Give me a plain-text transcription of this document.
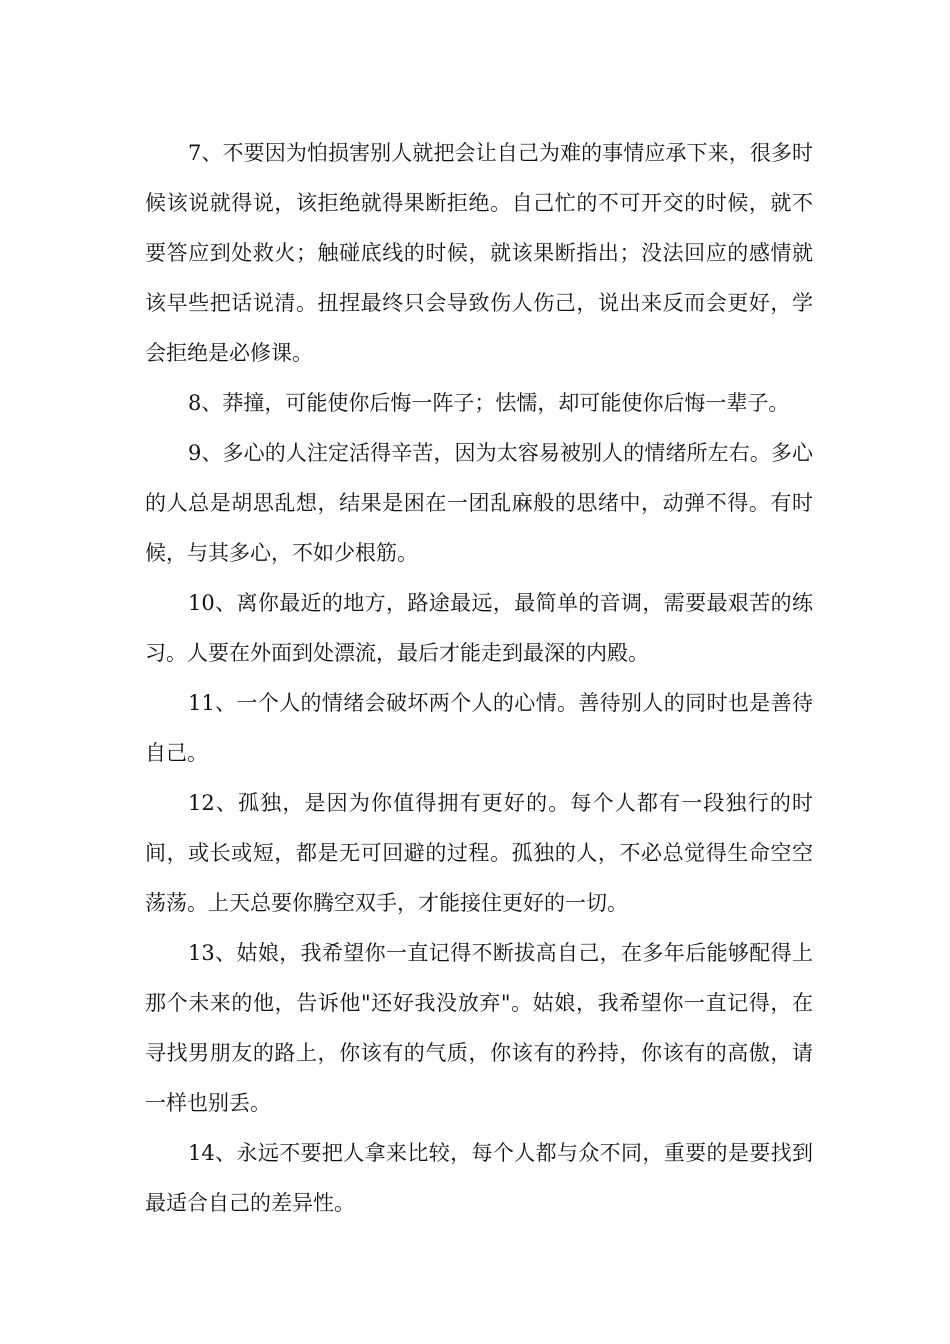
7、不要因为怕损害别人就把会让自己为难的事情应承下来，很多时候该说就得说，该拒绝就得果断拒绝。自己忙的不可开交的时候，就不要答应到处救火；触碰底线的时候，就该果断指出；没法回应的感情就该早些把话说清。扭捏最终只会导致伤人伤己，说出来反而会更好，学会拒绝是必修课。

8、莽撞，可能使你后悔一阵子；怯懦，却可能使你后悔一辈子。

9、多心的人注定活得辛苦，因为太容易被别人的情绪所左右。多心的人总是胡思乱想，结果是困在一团乱麻般的思绪中，动弹不得。有时候，与其多心，不如少根筋。

10、离你最近的地方，路途最远，最简单的音调，需要最艰苦的练习。人要在外面到处漂流，最后才能走到最深的内殿。

11、一个人的情绪会破坏两个人的心情。善待别人的同时也是善待自己。

12、孤独，是因为你值得拥有更好的。每个人都有一段独行的时间，或长或短，都是无可回避的过程。孤独的人，不必总觉得生命空空荡荡。上天总要你腾空双手，才能接住更好的一切。

13、姑娘，我希望你一直记得不断拔高自己，在多年后能够配得上那个未来的他，告诉他"还好我没放弃"。姑娘，我希望你一直记得，在寻找男朋友的路上，你该有的气质，你该有的矜持，你该有的高傲，请一样也别丢。

14、永远不要把人拿来比较，每个人都与众不同，重要的是要找到最适合自己的差异性。
